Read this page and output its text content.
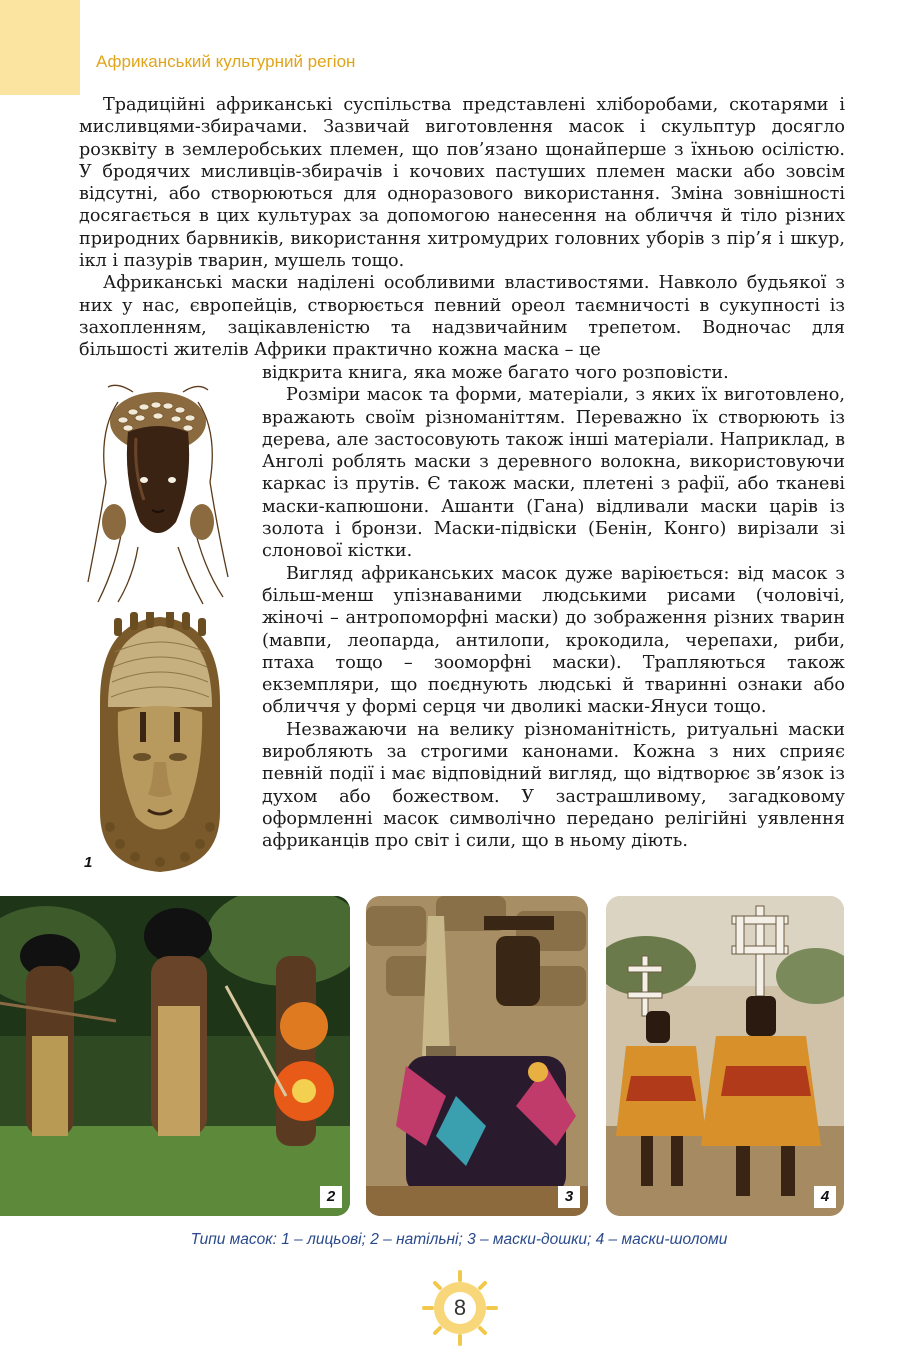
Африканський культурний регіон

Традиційні африканські суспільства представлені хліборобами, скотарями і мисливцями-збирачами. Зазвичай виготовлення масок і скульптур досягло розквіту в землеробських племен, що пов’язано щонайперше з їхньою осілістю. У бродячих мисливців-збирачів і кочових пастуших племен маски або зовсім відсутні, або створюються для одноразового використання. Зміна зовнішності досягається в цих культурах за допомогою нанесення на обличчя й тіло різних природних барвників, використання хитромудрих головних уборів з пір’я і шкур, ікл і пазурів тварин, мушель тощо.

Африканські маски наділені особливими властивостями. Навколо будьякої з них у нас, європейців, створюється певний ореол таємничості в сукупності із захопленням, зацікавленістю та надзвичайним трепетом. Водночас для більшості жителів Африки практично кожна маска – це

відкрита книга, яка може багато чого розповісти.

Розміри масок та форми, матеріали, з яких їх виготовлено, вражають своїм різноманіттям. Переважно їх створюють із дерева, але застосовують також інші матеріали. Наприклад, в Анголі роблять маски з деревного волокна, використовуючи каркас із прутів. Є також маски, плетені з рафії, або тканеві маски-капюшони. Ашанти (Гана) відливали маски царів із золота і бронзи. Маски-підвіски (Бенін, Конго) вирізали зі слонової кістки.

Вигляд африканських масок дуже варіюється: від масок з більш-менш упізнаваними людськими рисами (чоловічі, жіночі – антропоморфні маски) до зображення різних тварин (мавпи, леопарда, антилопи, крокодила, черепахи, риби, птаха тощо – зооморфні маски). Трапляються також екземпляри, що поєднують людські й тваринні ознаки або обличчя у формі серця чи дволикі маски-Януси тощо.

Незважаючи на велику різноманітність, ритуальні маски виробляють за строгими канонами. Кожна з них сприяє певній події і має відповідний вигляд, що відтворює зв’язок із духом або божеством. У застрашливому, загадковому оформленні масок символічно передано релігійні уявлення африканців про світ і сили, що в ньому діють.

1
2	3	4
Типи масок: 1 – лицьові; 2 – натільні; 3 – маски-дошки; 4 – маски-шоломи
8
